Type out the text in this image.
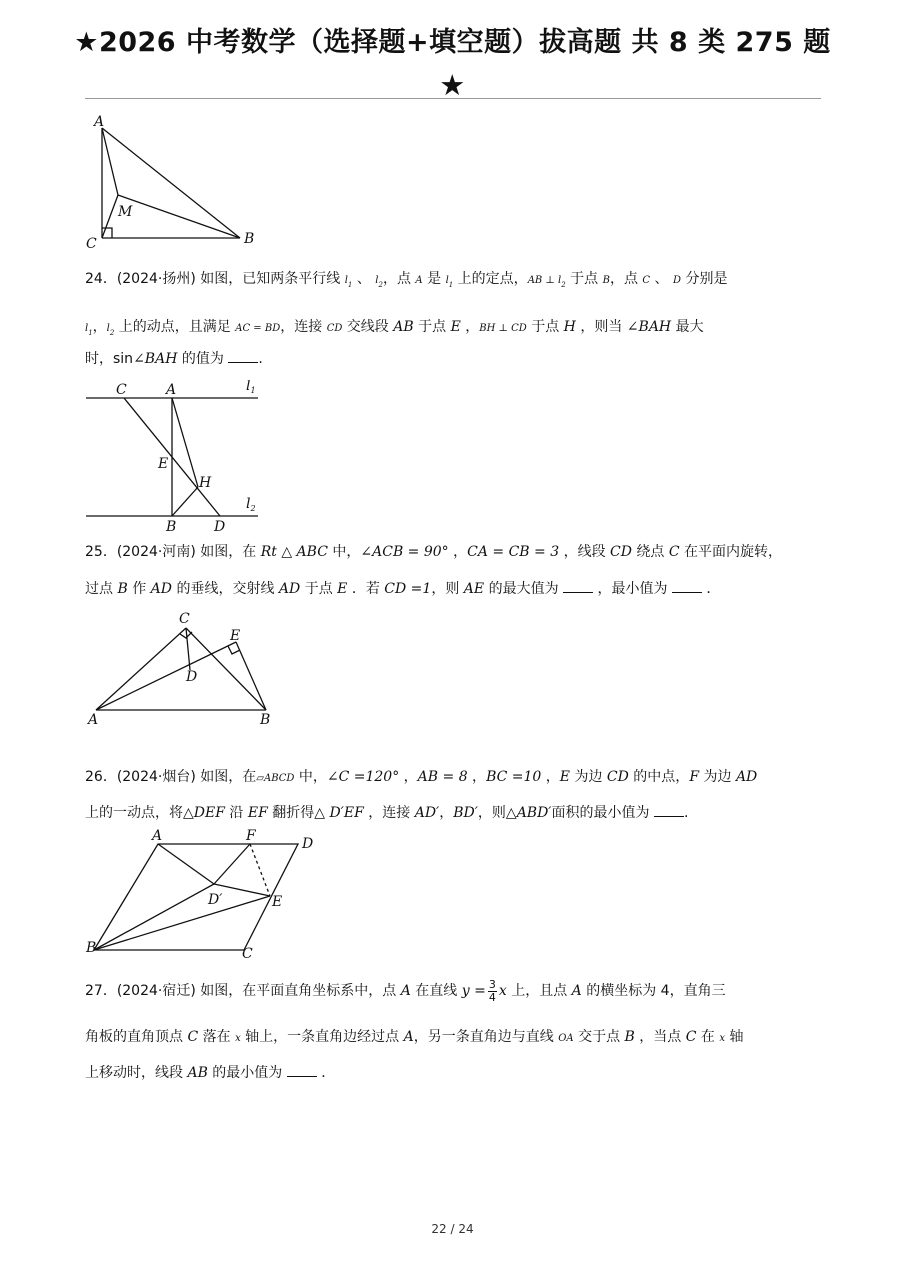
★2026 中考数学（选择题+填空题）拔高题 共 8 类 275 题
★
A
M
C	B
24．(2024·扬州) 如图，已知两条平行线 $l_1$ 、 $l_2$，点 A 是 $l_1$ 上的定点，AB ⊥ $l_2$ 于点 B，点 C 、 D 分别是
$l_1$，$l_2$ 上的动点，且满足 AC = BD，连接 CD 交线段 AB 于点 E ，BH ⊥ CD 于点 H ，则当 ∠BAH 最大
时，sin∠BAH 的值为 .
C	A	$l_1$
E
H
$l_2$
B	D
25．(2024·河南) 如图，在 Rt △ ABC 中，∠ACB = 90° ，CA = CB = 3 ，线段 CD 绕点 C 在平面内旋转，
过点 B 作 AD 的垂线，交射线 AD 于点 E ．若 CD =1，则 AE 的最大值为  ，最小值为  ．
C
E
D
A	B
26．(2024·烟台) 如图，在▱ABCD 中，∠C =120° ，AB = 8 ，BC =10 ，E 为边 CD 的中点，F 为边 AD
上的一动点，将△DEF 沿 EF 翻折得△ D′EF ，连接 AD′，BD′，则△ABD′面积的最小值为 .
A	F	D
D′	E
B	C
27．(2024·宿迁) 如图，在平面直角坐标系中，点 A 在直线 $y = \frac{3}{4}$ x 上，且点 A 的横坐标为 4，直角三
角板的直角顶点 C 落在 x 轴上，一条直角边经过点 A，另一条直角边与直线 OA 交于点 B ，当点 C 在 x 轴
上移动时，线段 AB 的最小值为  ．
22 / 24
